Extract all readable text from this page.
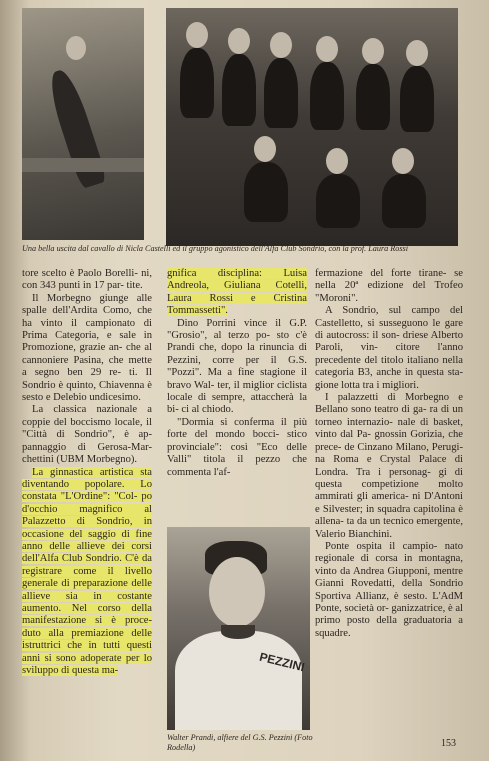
Una bella uscita dal cavallo di Nicla Castelli ed il gruppo agonistico dell'Alfa Club Sondrio, con la prof. Laura Rossi

tore scelto è Paolo Borelli- ni, con 343 punti in 17 par- tite.

Il Morbegno giunge alle spalle dell'Ardita Como, che ha vinto il campionato di Prima Categoria, e sale in Promozione, grazie an- che al cannoniere Pasina, che mette a segno ben 29 re- ti. Il Sondrio è quinto, Chiavenna è sesto e Delebio undicesimo.

La classica nazionale a coppie del boccismo locale, il "Città di Sondrio", è ap- pannaggio di Gerosa-Mar- chettini (UBM Morbegno).

La ginnastica artistica sta diventando popolare. Lo constata "L'Ordine": "Col- po d'occhio magnifico al Palazzetto di Sondrio, in occasione del saggio di fine anno delle allieve dei corsi dell'Alfa Club Sondrio. C'è da registrare come il livello generale di preparazione delle allieve sia in costante aumento. Nel corso della manifestazione si è proce- duto alla premiazione delle istruttrici che in tutti questi anni si sono adoperate per lo sviluppo di questa ma-

gnifica disciplina: Luisa Andreola, Giuliana Cotelli, Laura Rossi e Cristina Tommassetti".

Dino Porrini vince il G.P. "Grosio", al terzo po- sto c'è Prandi che, dopo la rinuncia di Pezzini, corre per il G.S. "Pozzi". Ma a fine stagione il bravo Wal- ter, il miglior ciclista locale di sempre, attaccherà la bi- ci al chiodo.

"Dormia si conferma il più forte del mondo bocci- stico provinciale": così "Eco delle Valli" titola il pezzo che commenta l'af-

PEZZINI
Walter Prandi, alfiere del G.S. Pezzini (Foto Rodella)

fermazione del forte tirane- se nella 20ª edizione del Trofeo "Moroni".

A Sondrio, sul campo del Castelletto, si susseguono le gare di autocross: il son- driese Alberto Paroli, vin- citore l'anno precedente del titolo italiano nella categoria B3, anche in questa sta- gione lotta tra i migliori.

I palazzetti di Morbegno e Bellano sono teatro di ga- ra di un torneo internazio- nale di basket, vinto dal Pa- gnossin Gorizia, che prece- de Cinzano Milano, Perugi- na Roma e Crystal Palace di Londra. Tra i personag- gi di questa competizione molto ammirati gli america- ni D'Antoni e Silvester; in squadra capitolina è allena- ta da un tecnico emergente, Valerio Bianchini.

Ponte ospita il campio- nato regionale di corsa in montagna, vinto da Andrea Giupponi, mentre Gianni Rovedatti, della Sondrio Sportiva Allianz, è sesto. L'AdM Ponte, società or- ganizzatrice, è al primo posto della graduatoria a squadre.

153
